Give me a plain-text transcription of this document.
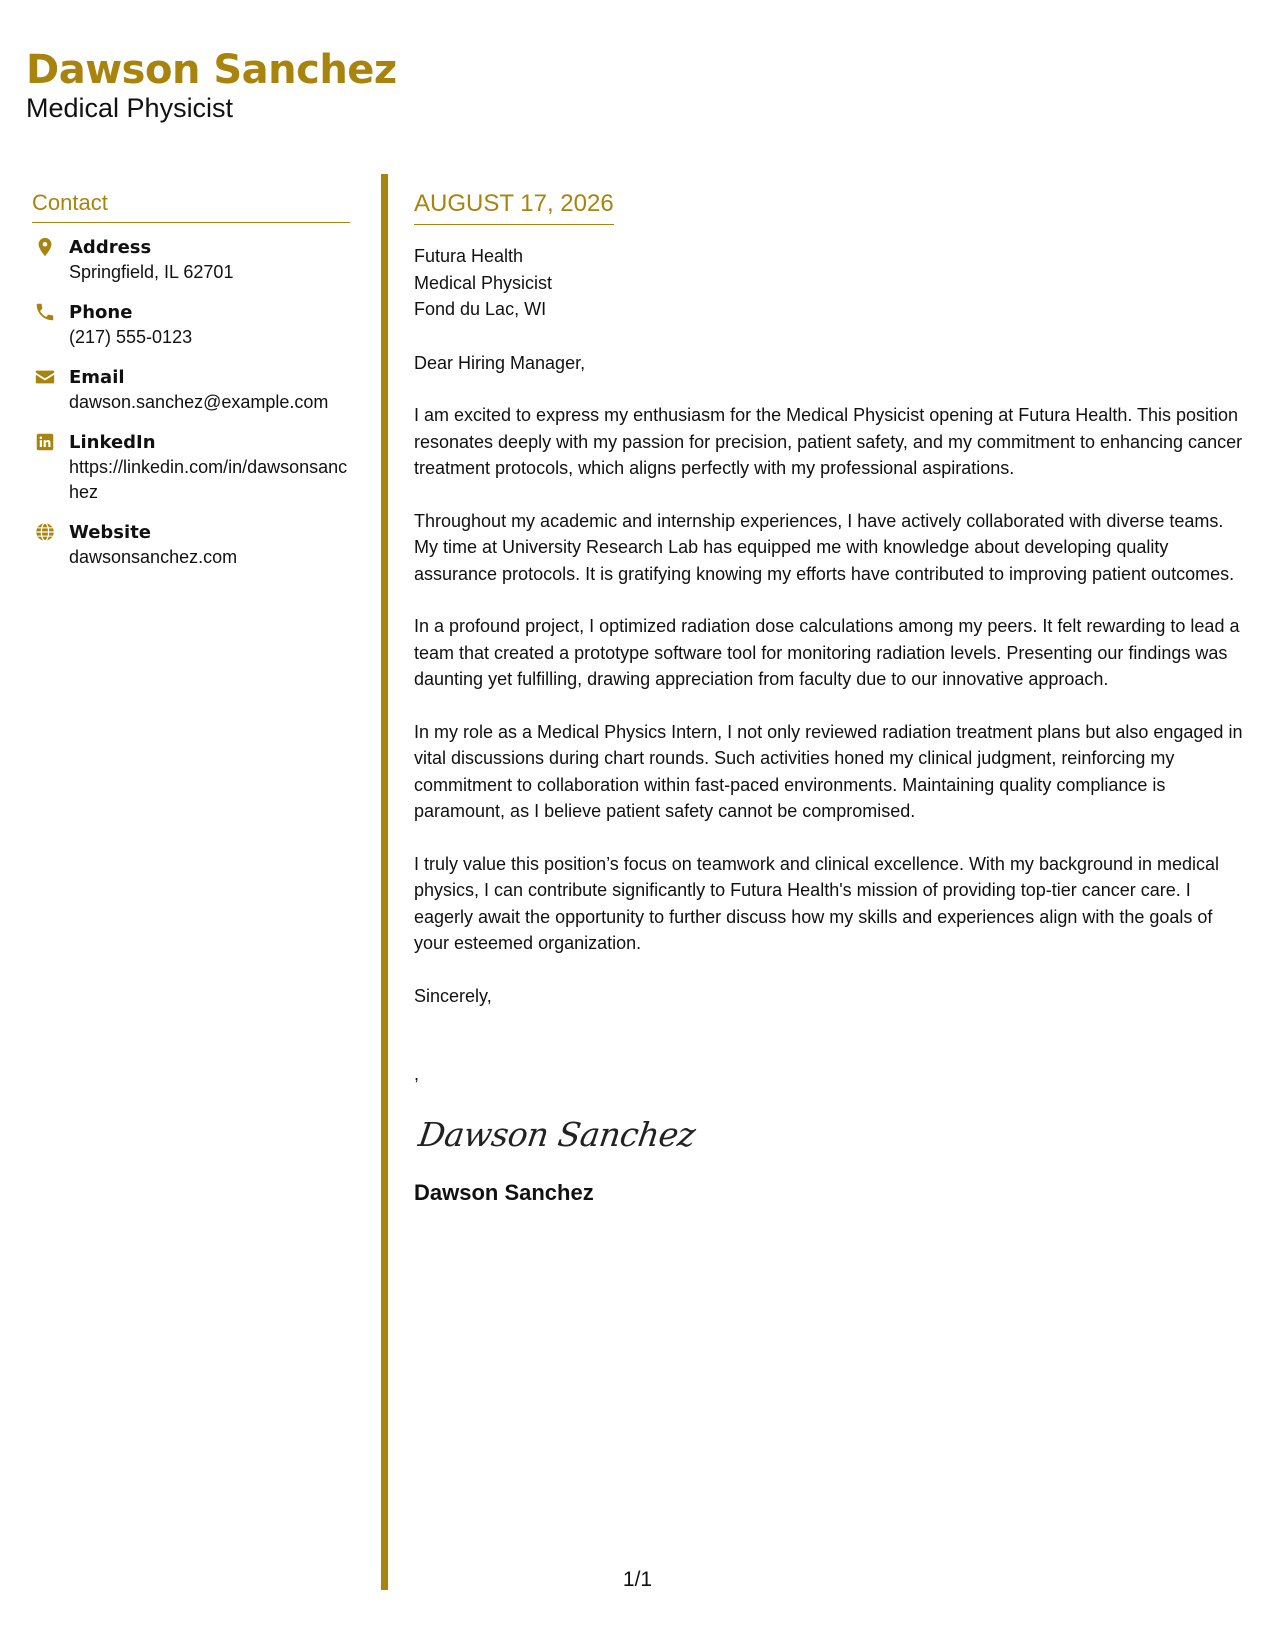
Dawson Sanchez
Medical Physicist
Contact
Address
Springfield, IL 62701
Phone
(217) 555-0123
Email
dawson.sanchez@example.com
LinkedIn
https://linkedin.com/in/dawsonsanchez
Website
dawsonsanchez.com
AUGUST 17, 2026
Futura Health
Medical Physicist
Fond du Lac, WI
Dear Hiring Manager,
I am excited to express my enthusiasm for the Medical Physicist opening at Futura Health. This position resonates deeply with my passion for precision, patient safety, and my commitment to enhancing cancer treatment protocols, which aligns perfectly with my professional aspirations.
Throughout my academic and internship experiences, I have actively collaborated with diverse teams. My time at University Research Lab has equipped me with knowledge about developing quality assurance protocols. It is gratifying knowing my efforts have contributed to improving patient outcomes.
In a profound project, I optimized radiation dose calculations among my peers. It felt rewarding to lead a team that created a prototype software tool for monitoring radiation levels. Presenting our findings was daunting yet fulfilling, drawing appreciation from faculty due to our innovative approach.
In my role as a Medical Physics Intern, I not only reviewed radiation treatment plans but also engaged in vital discussions during chart rounds. Such activities honed my clinical judgment, reinforcing my commitment to collaboration within fast-paced environments. Maintaining quality compliance is paramount, as I believe patient safety cannot be compromised.
I truly value this position’s focus on teamwork and clinical excellence. With my background in medical physics, I can contribute significantly to Futura Health's mission of providing top-tier cancer care. I eagerly await the opportunity to further discuss how my skills and experiences align with the goals of your esteemed organization.
Sincerely,
,
Dawson Sanchez
Dawson Sanchez
1/1
